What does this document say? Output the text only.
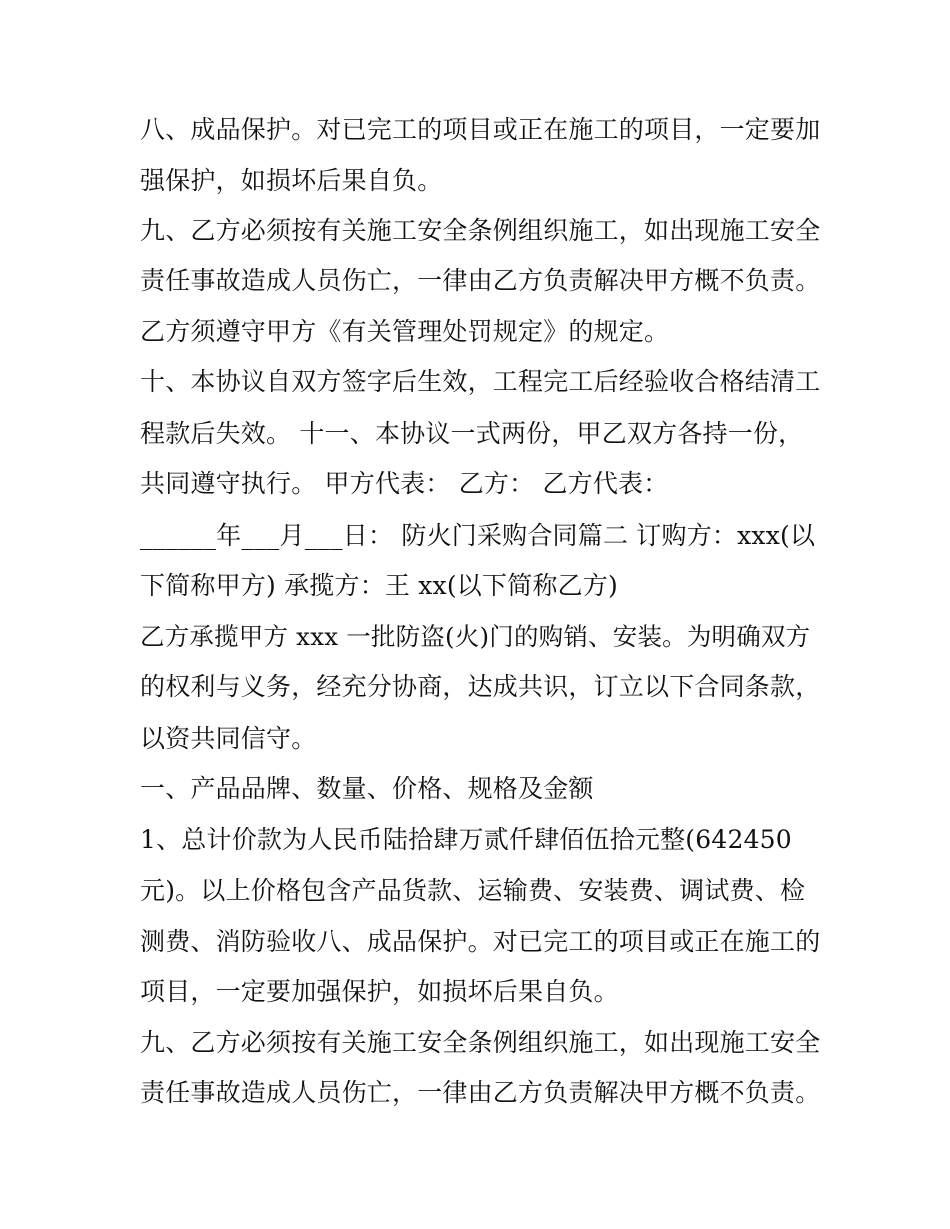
八、成品保护。对已完工的项目或正在施工的项目，一定要加
强保护，如损坏后果自负。
九、乙方必须按有关施工安全条例组织施工，如出现施工安全
责任事故造成人员伤亡，一律由乙方负责解决甲方概不负责。
乙方须遵守甲方《有关管理处罚规定》的规定。
十、本协议自双方签字后生效，工程完工后经验收合格结清工
程款后失效。 十一、本协议一式两份，甲乙双方各持一份，
共同遵守执行。 甲方代表： 乙方： 乙方代表：
______年___月___日： 防火门采购合同篇二 订购方：xxx(以
下简称甲方) 承揽方：王 xx(以下简称乙方)
乙方承揽甲方 xxx 一批防盗(火)门的购销、安装。为明确双方
的权利与义务，经充分协商，达成共识，订立以下合同条款，
以资共同信守。
一、产品品牌、数量、价格、规格及金额
1、总计价款为人民币陆拾肆万贰仟肆佰伍拾元整(642450
元)。以上价格包含产品货款、运输费、安装费、调试费、检
测费、消防验收八、成品保护。对已完工的项目或正在施工的
项目，一定要加强保护，如损坏后果自负。
九、乙方必须按有关施工安全条例组织施工，如出现施工安全
责任事故造成人员伤亡，一律由乙方负责解决甲方概不负责。
